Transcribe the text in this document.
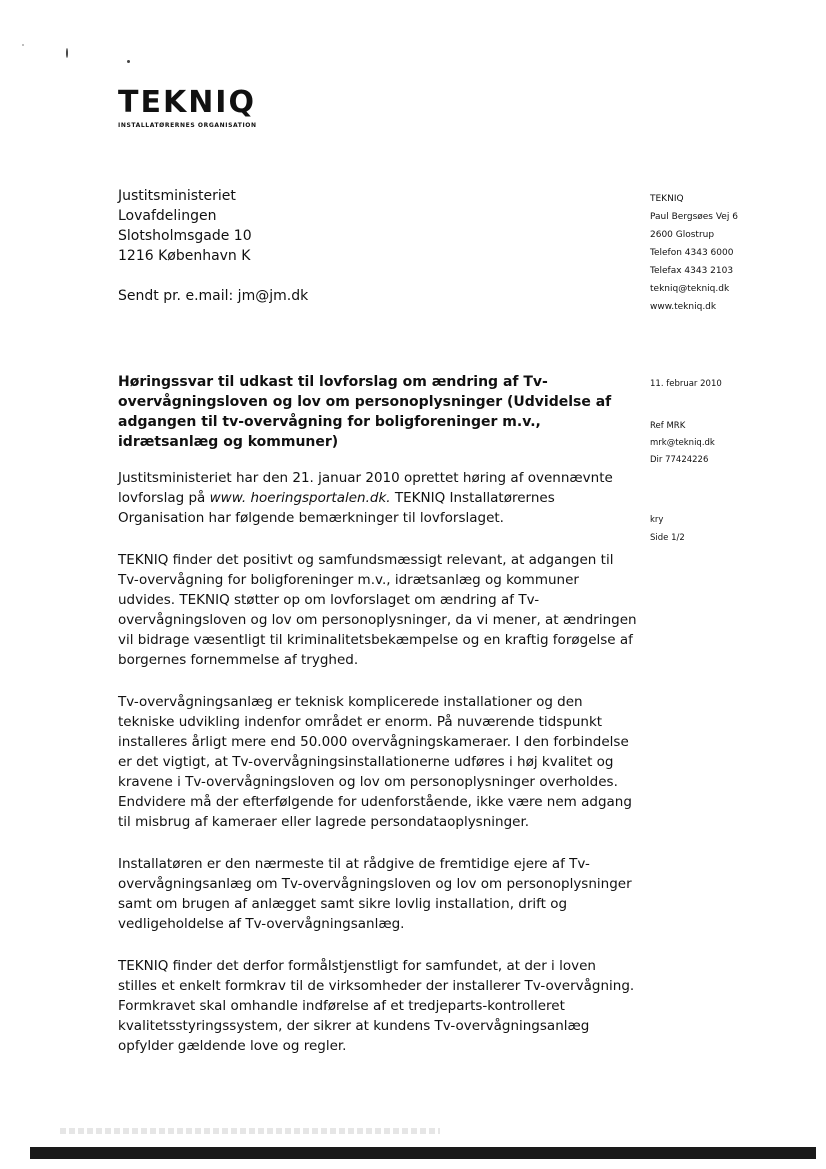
TEKNIQ
INSTALLATØRERNES ORGANISATION
Justitsministeriet
Lovafdelingen
Slotsholmsgade 10
1216 København K
Sendt pr. e.mail: jm@jm.dk
TEKNIQ
Paul Bergsøes Vej 6
2600 Glostrup
Telefon 4343 6000
Telefax 4343 2103
tekniq@tekniq.dk
www.tekniq.dk
11. februar 2010
Ref MRK
mrk@tekniq.dk
Dir 77424226
kry
Side 1/2
Høringssvar til udkast til lovforslag om ændring af Tv-overvågningsloven og lov om personoplysninger (Udvidelse af adgangen til tv-overvågning for boligforeninger m.v., idrætsanlæg og kommuner)

Justitsministeriet har den 21. januar 2010 oprettet høring af ovennævnte lovforslag på www. hoeringsportalen.dk. TEKNIQ Installatørernes Organisation har følgende bemærkninger til lovforslaget.

TEKNIQ finder det positivt og samfundsmæssigt relevant, at adgangen til Tv-overvågning for boligforeninger m.v., idrætsanlæg og kommuner udvides. TEKNIQ støtter op om lovforslaget om ændring af Tv-overvågningsloven og lov om personoplysninger, da vi mener, at ændringen vil bidrage væsentligt til kriminalitetsbekæmpelse og en kraftig forøgelse af borgernes fornemmelse af tryghed.

Tv-overvågningsanlæg er teknisk komplicerede installationer og den tekniske udvikling indenfor området er enorm. På nuværende tidspunkt installeres årligt mere end 50.000 overvågningskameraer. I den forbindelse er det vigtigt, at Tv-overvågningsinstallationerne udføres i høj kvalitet og kravene i Tv-overvågningsloven og lov om personoplysninger overholdes. Endvidere må der efterfølgende for udenforstående, ikke være nem adgang til misbrug af kameraer eller lagrede persondataoplysninger.

Installatøren er den nærmeste til at rådgive de fremtidige ejere af Tv-overvågningsanlæg om Tv-overvågningsloven og lov om personoplysninger samt om brugen af anlægget samt sikre lovlig installation, drift og vedligeholdelse af Tv-overvågningsanlæg.

TEKNIQ finder det derfor formålstjenstligt for samfundet, at der i loven stilles et enkelt formkrav til de virksomheder der installerer Tv-overvågning. Formkravet skal omhandle indførelse af et tredjeparts-kontrolleret kvalitetsstyringssystem, der sikrer at kundens Tv-overvågningsanlæg opfylder gældende love og regler.
